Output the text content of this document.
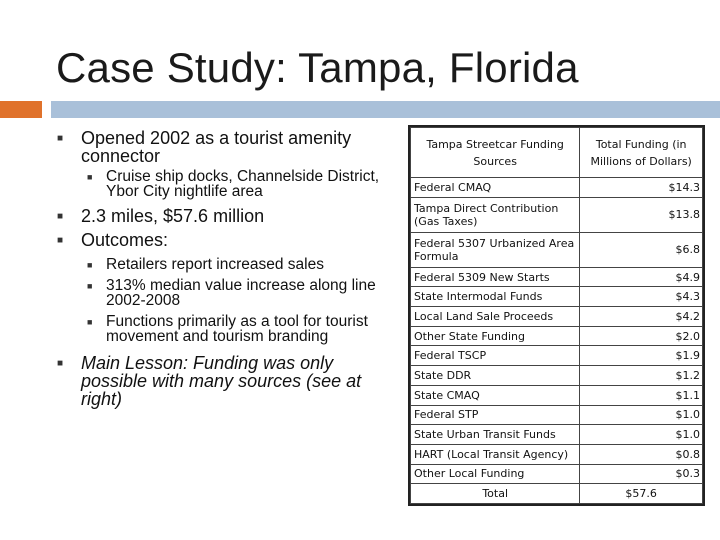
Case Study: Tampa, Florida
■ Opened 2002 as a tourist amenity connector
■ Cruise ship docks, Channelside District, Ybor City nightlife area
■ 2.3 miles, $57.6 million
■ Outcomes:
■ Retailers report increased sales
■ 313% median value increase along line 2002-2008
■ Functions primarily as a tool for tourist movement and tourism branding
■ Main Lesson: Funding was only possible with many sources (see at right)
Tampa Streetcar Funding Sources	Total Funding (in Millions of Dollars)
Federal CMAQ	$14.3
Tampa Direct Contribution (Gas Taxes)	$13.8
Federal 5307 Urbanized Area Formula	$6.8
Federal 5309 New Starts	$4.9
State Intermodal Funds	$4.3
Local Land Sale Proceeds	$4.2
Other State Funding	$2.0
Federal TSCP	$1.9
State DDR	$1.2
State CMAQ	$1.1
Federal STP	$1.0
State Urban Transit Funds	$1.0
HART (Local Transit Agency)	$0.8
Other Local Funding	$0.3
Total	$57.6
